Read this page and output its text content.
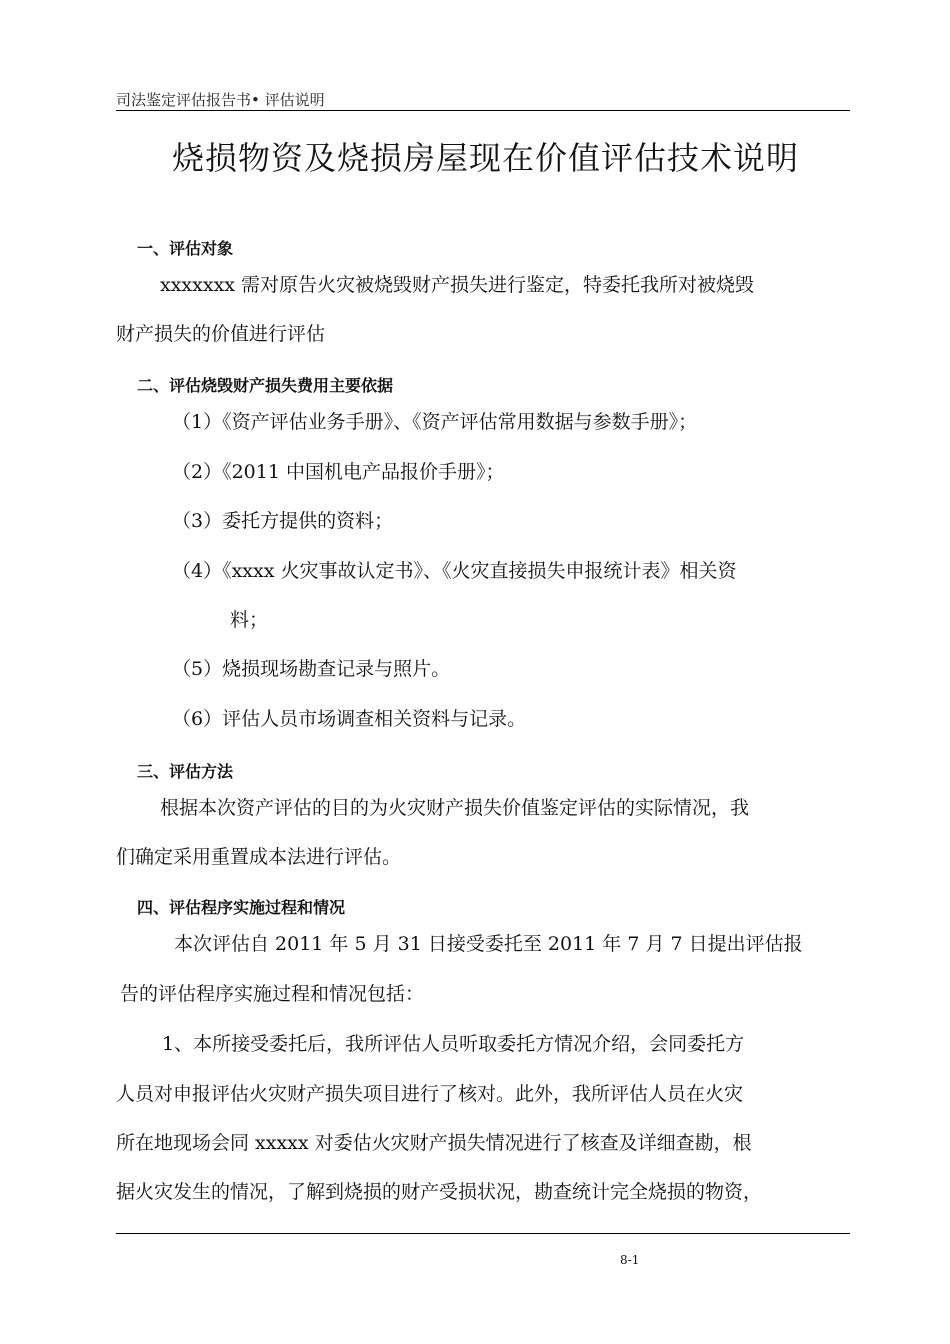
司法鉴定评估报告书• 评估说明
烧损物资及烧损房屋现在价值评估技术说明
一、评估对象
xxxxxxx 需对原告火灾被烧毁财产损失进行鉴定，特委托我所对被烧毁
财产损失的价值进行评估
二、评估烧毁财产损失费用主要依据
（1）《资产评估业务手册》、《资产评估常用数据与参数手册》；
（2）《2011 中国机电产品报价手册》；
（3）委托方提供的资料；
（4）《xxxx 火灾事故认定书》、《火灾直接损失申报统计表》相关资
料；
（5）烧损现场勘查记录与照片。
（6）评估人员市场调查相关资料与记录。
三、评估方法
根据本次资产评估的目的为火灾财产损失价值鉴定评估的实际情况，我
们确定采用重置成本法进行评估。
四、评估程序实施过程和情况
本次评估自 2011 年 5 月 31 日接受委托至 2011 年 7 月 7 日提出评估报
告的评估程序实施过程和情况包括：
1、本所接受委托后，我所评估人员听取委托方情况介绍，会同委托方
人员对申报评估火灾财产损失项目进行了核对。此外，我所评估人员在火灾
所在地现场会同 xxxxx 对委估火灾财产损失情况进行了核查及详细查勘，根
据火灾发生的情况，了解到烧损的财产受损状况，勘查统计完全烧损的物资，
8-1
